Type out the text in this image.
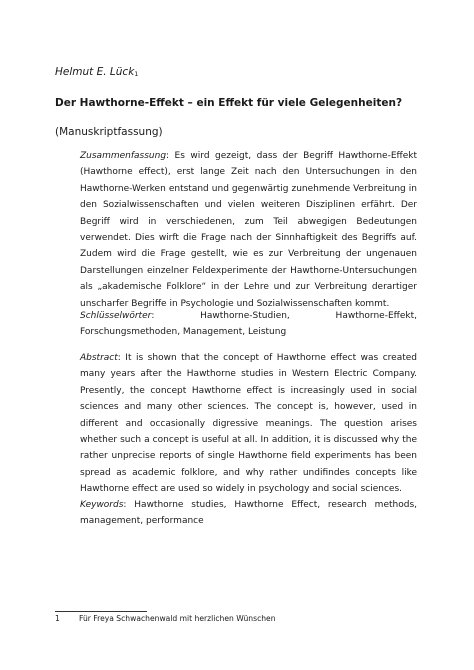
Helmut E. Lück$^1$
Der Hawthorne-Effekt – ein Effekt für viele Gelegenheiten?
(Manuskriptfassung)
Zusammenfassung: Es wird gezeigt, dass der Begriff Hawthorne-Effekt (Hawthorne effect), erst lange Zeit nach den Untersuchungen in den Hawthorne-Werken entstand und gegenwärtig zunehmende Verbreitung in den Sozialwissenschaften und vielen weiteren Disziplinen erfährt. Der Begriff wird in verschiedenen, zum Teil abwegigen Bedeutungen verwendet. Dies wirft die Frage nach der Sinnhaftigkeit des Begriffs auf. Zudem wird die Frage gestellt, wie es zur Verbreitung der ungenauen Darstellungen einzelner Feldexperimente der Hawthorne-Untersuchungen als „akademische Folklore“ in der Lehre und zur Verbreitung derartiger unscharfer Begriffe in Psychologie und Sozialwissenschaften kommt.
Schlüsselwörter: Hawthorne-Studien, Hawthorne-Effekt, Forschungsmethoden, Management, Leistung
Abstract: It is shown that the concept of Hawthorne effect was created many years after the Hawthorne studies in Western Electric Company. Presently, the concept Hawthorne effect is increasingly used in social sciences and many other sciences. The concept is, however, used in different and occasionally digressive meanings. The question arises whether such a concept is useful at all. In addition, it is discussed why the rather unprecise reports of single Hawthorne field experiments has been spread as academic folklore, and why rather undifindes concepts like Hawthorne effect are used so widely in psychology and social sciences.
Keywords: Hawthorne studies, Hawthorne Effect, research methods, management, performance
1	Für Freya Schwachenwald mit herzlichen Wünschen
